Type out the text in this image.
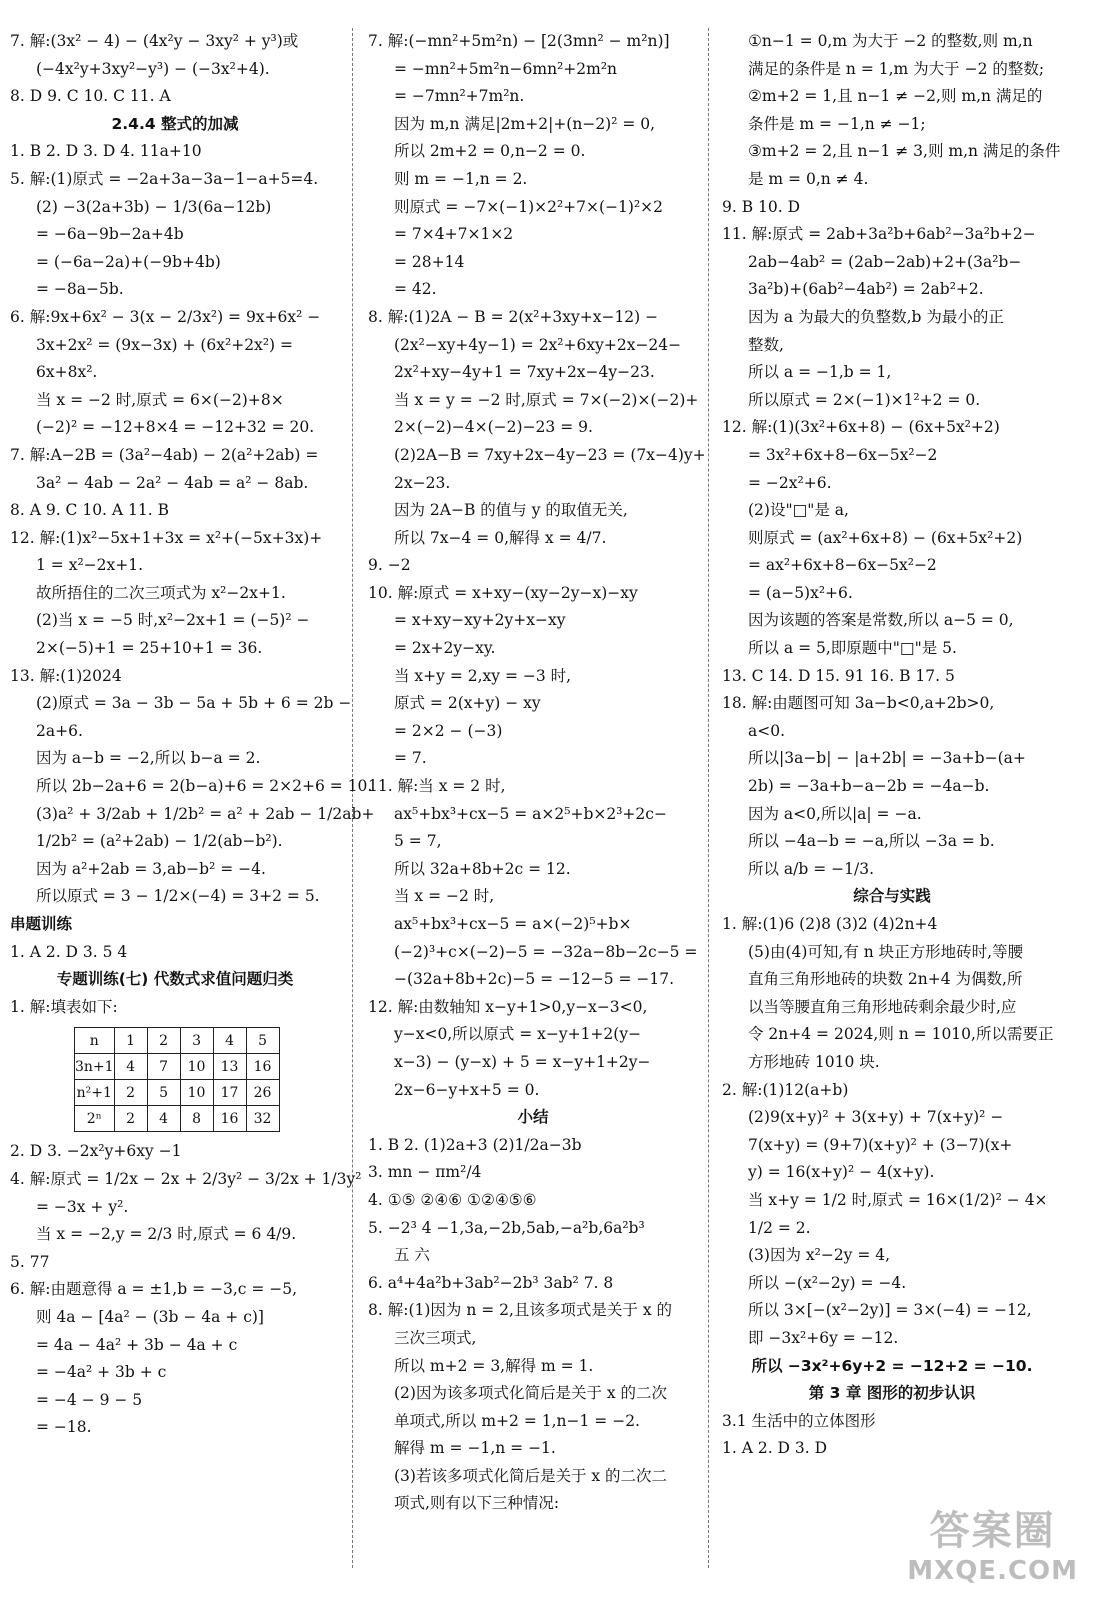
7. 解:(3x² − 4) − (4x²y − 3xy² + y³)或
(−4x²y+3xy²−y³) − (−3x²+4).
8. D 9. C 10. C 11. A
2.4.4 整式的加减
1. B 2. D 3. D 4. 11a+10
5. 解:(1)原式 = −2a+3a−3a−1−a+5=4.
(2) −3(2a+3b) − 1/3(6a−12b)
= −6a−9b−2a+4b
= (−6a−2a)+(−9b+4b)
= −8a−5b.
6. 解:9x+6x² − 3(x − 2/3x²) = 9x+6x² −
3x+2x² = (9x−3x) + (6x²+2x²) =
6x+8x².
当 x = −2 时,原式 = 6×(−2)+8×
(−2)² = −12+8×4 = −12+32 = 20.
7. 解:A−2B = (3a²−4ab) − 2(a²+2ab) =
3a² − 4ab − 2a² − 4ab = a² − 8ab.
8. A 9. C 10. A 11. B
12. 解:(1)x²−5x+1+3x = x²+(−5x+3x)+
1 = x²−2x+1.
故所捂住的二次三项式为 x²−2x+1.
(2)当 x = −5 时,x²−2x+1 = (−5)² −
2×(−5)+1 = 25+10+1 = 36.
13. 解:(1)2024
(2)原式 = 3a − 3b − 5a + 5b + 6 = 2b −
2a+6.
因为 a−b = −2,所以 b−a = 2.
所以 2b−2a+6 = 2(b−a)+6 = 2×2+6 = 10.
(3)a² + 3/2ab + 1/2b² = a² + 2ab − 1/2ab+
1/2b² = (a²+2ab) − 1/2(ab−b²).
因为 a²+2ab = 3,ab−b² = −4.
所以原式 = 3 − 1/2×(−4) = 3+2 = 5.
串题训练
1. A 2. D 3. 5 4
专题训练(七) 代数式求值问题归类
1. 解:填表如下:
n	1	2	3	4	5
3n+1	4	7	10	13	16
n²+1	2	5	10	17	26
2ⁿ	2	4	8	16	32
2. D 3. −2x²y+6xy −1
4. 解:原式 = 1/2x − 2x + 2/3y² − 3/2x + 1/3y²
= −3x + y².
当 x = −2,y = 2/3 时,原式 = 6 4/9.
5. 77
6. 解:由题意得 a = ±1,b = −3,c = −5,
则 4a − [4a² − (3b − 4a + c)]
= 4a − 4a² + 3b − 4a + c
= −4a² + 3b + c
= −4 − 9 − 5
= −18.
7. 解:(−mn²+5m²n) − [2(3mn² − m²n)]
= −mn²+5m²n−6mn²+2m²n
= −7mn²+7m²n.
因为 m,n 满足|2m+2|+(n−2)² = 0,
所以 2m+2 = 0,n−2 = 0.
则 m = −1,n = 2.
则原式 = −7×(−1)×2²+7×(−1)²×2
= 7×4+7×1×2
= 28+14
= 42.
8. 解:(1)2A − B = 2(x²+3xy+x−12) −
(2x²−xy+4y−1) = 2x²+6xy+2x−24−
2x²+xy−4y+1 = 7xy+2x−4y−23.
当 x = y = −2 时,原式 = 7×(−2)×(−2)+
2×(−2)−4×(−2)−23 = 9.
(2)2A−B = 7xy+2x−4y−23 = (7x−4)y+
2x−23.
因为 2A−B 的值与 y 的取值无关,
所以 7x−4 = 0,解得 x = 4/7.
9. −2
10. 解:原式 = x+xy−(xy−2y−x)−xy
= x+xy−xy+2y+x−xy
= 2x+2y−xy.
当 x+y = 2,xy = −3 时,
原式 = 2(x+y) − xy
= 2×2 − (−3)
= 7.
11. 解:当 x = 2 时,
ax⁵+bx³+cx−5 = a×2⁵+b×2³+2c−
5 = 7,
所以 32a+8b+2c = 12.
当 x = −2 时,
ax⁵+bx³+cx−5 = a×(−2)⁵+b×
(−2)³+c×(−2)−5 = −32a−8b−2c−5 =
−(32a+8b+2c)−5 = −12−5 = −17.
12. 解:由数轴知 x−y+1>0,y−x−3<0,
y−x<0,所以原式 = x−y+1+2(y−
x−3) − (y−x) + 5 = x−y+1+2y−
2x−6−y+x+5 = 0.
小结
1. B 2. (1)2a+3 (2)1/2a−3b
3. mn − πm²/4
4. ①⑤ ②④⑥ ①②④⑤⑥
5. −2³ 4 −1,3a,−2b,5ab,−a²b,6a²b³
五 六
6. a⁴+4a²b+3ab²−2b³ 3ab² 7. 8
8. 解:(1)因为 n = 2,且该多项式是关于 x 的
三次三项式,
所以 m+2 = 3,解得 m = 1.
(2)因为该多项式化简后是关于 x 的二次
单项式,所以 m+2 = 1,n−1 = −2.
解得 m = −1,n = −1.
(3)若该多项式化简后是关于 x 的二次二
项式,则有以下三种情况:
①n−1 = 0,m 为大于 −2 的整数,则 m,n
满足的条件是 n = 1,m 为大于 −2 的整数;
②m+2 = 1,且 n−1 ≠ −2,则 m,n 满足的
条件是 m = −1,n ≠ −1;
③m+2 = 2,且 n−1 ≠ 3,则 m,n 满足的条件
是 m = 0,n ≠ 4.
9. B 10. D
11. 解:原式 = 2ab+3a²b+6ab²−3a²b+2−
2ab−4ab² = (2ab−2ab)+2+(3a²b−
3a²b)+(6ab²−4ab²) = 2ab²+2.
因为 a 为最大的负整数,b 为最小的正
整数,
所以 a = −1,b = 1,
所以原式 = 2×(−1)×1²+2 = 0.
12. 解:(1)(3x²+6x+8) − (6x+5x²+2)
= 3x²+6x+8−6x−5x²−2
= −2x²+6.
(2)设"□"是 a,
则原式 = (ax²+6x+8) − (6x+5x²+2)
= ax²+6x+8−6x−5x²−2
= (a−5)x²+6.
因为该题的答案是常数,所以 a−5 = 0,
所以 a = 5,即原题中"□"是 5.
13. C 14. D 15. 91 16. B 17. 5
18. 解:由题图可知 3a−b<0,a+2b>0,
a<0.
所以|3a−b| − |a+2b| = −3a+b−(a+
2b) = −3a+b−a−2b = −4a−b.
因为 a<0,所以|a| = −a.
所以 −4a−b = −a,所以 −3a = b.
所以 a/b = −1/3.
综合与实践
1. 解:(1)6 (2)8 (3)2 (4)2n+4
(5)由(4)可知,有 n 块正方形地砖时,等腰
直角三角形地砖的块数 2n+4 为偶数,所
以当等腰直角三角形地砖剩余最少时,应
令 2n+4 = 2024,则 n = 1010,所以需要正
方形地砖 1010 块.
2. 解:(1)12(a+b)
(2)9(x+y)² + 3(x+y) + 7(x+y)² −
7(x+y) = (9+7)(x+y)² + (3−7)(x+
y) = 16(x+y)² − 4(x+y).
当 x+y = 1/2 时,原式 = 16×(1/2)² − 4×
1/2 = 2.
(3)因为 x²−2y = 4,
所以 −(x²−2y) = −4.
所以 3×[−(x²−2y)] = 3×(−4) = −12,
即 −3x²+6y = −12.
所以 −3x²+6y+2 = −12+2 = −10.
第 3 章 图形的初步认识
3.1 生活中的立体图形
1. A 2. D 3. D
答案圈
MXQE.COM
